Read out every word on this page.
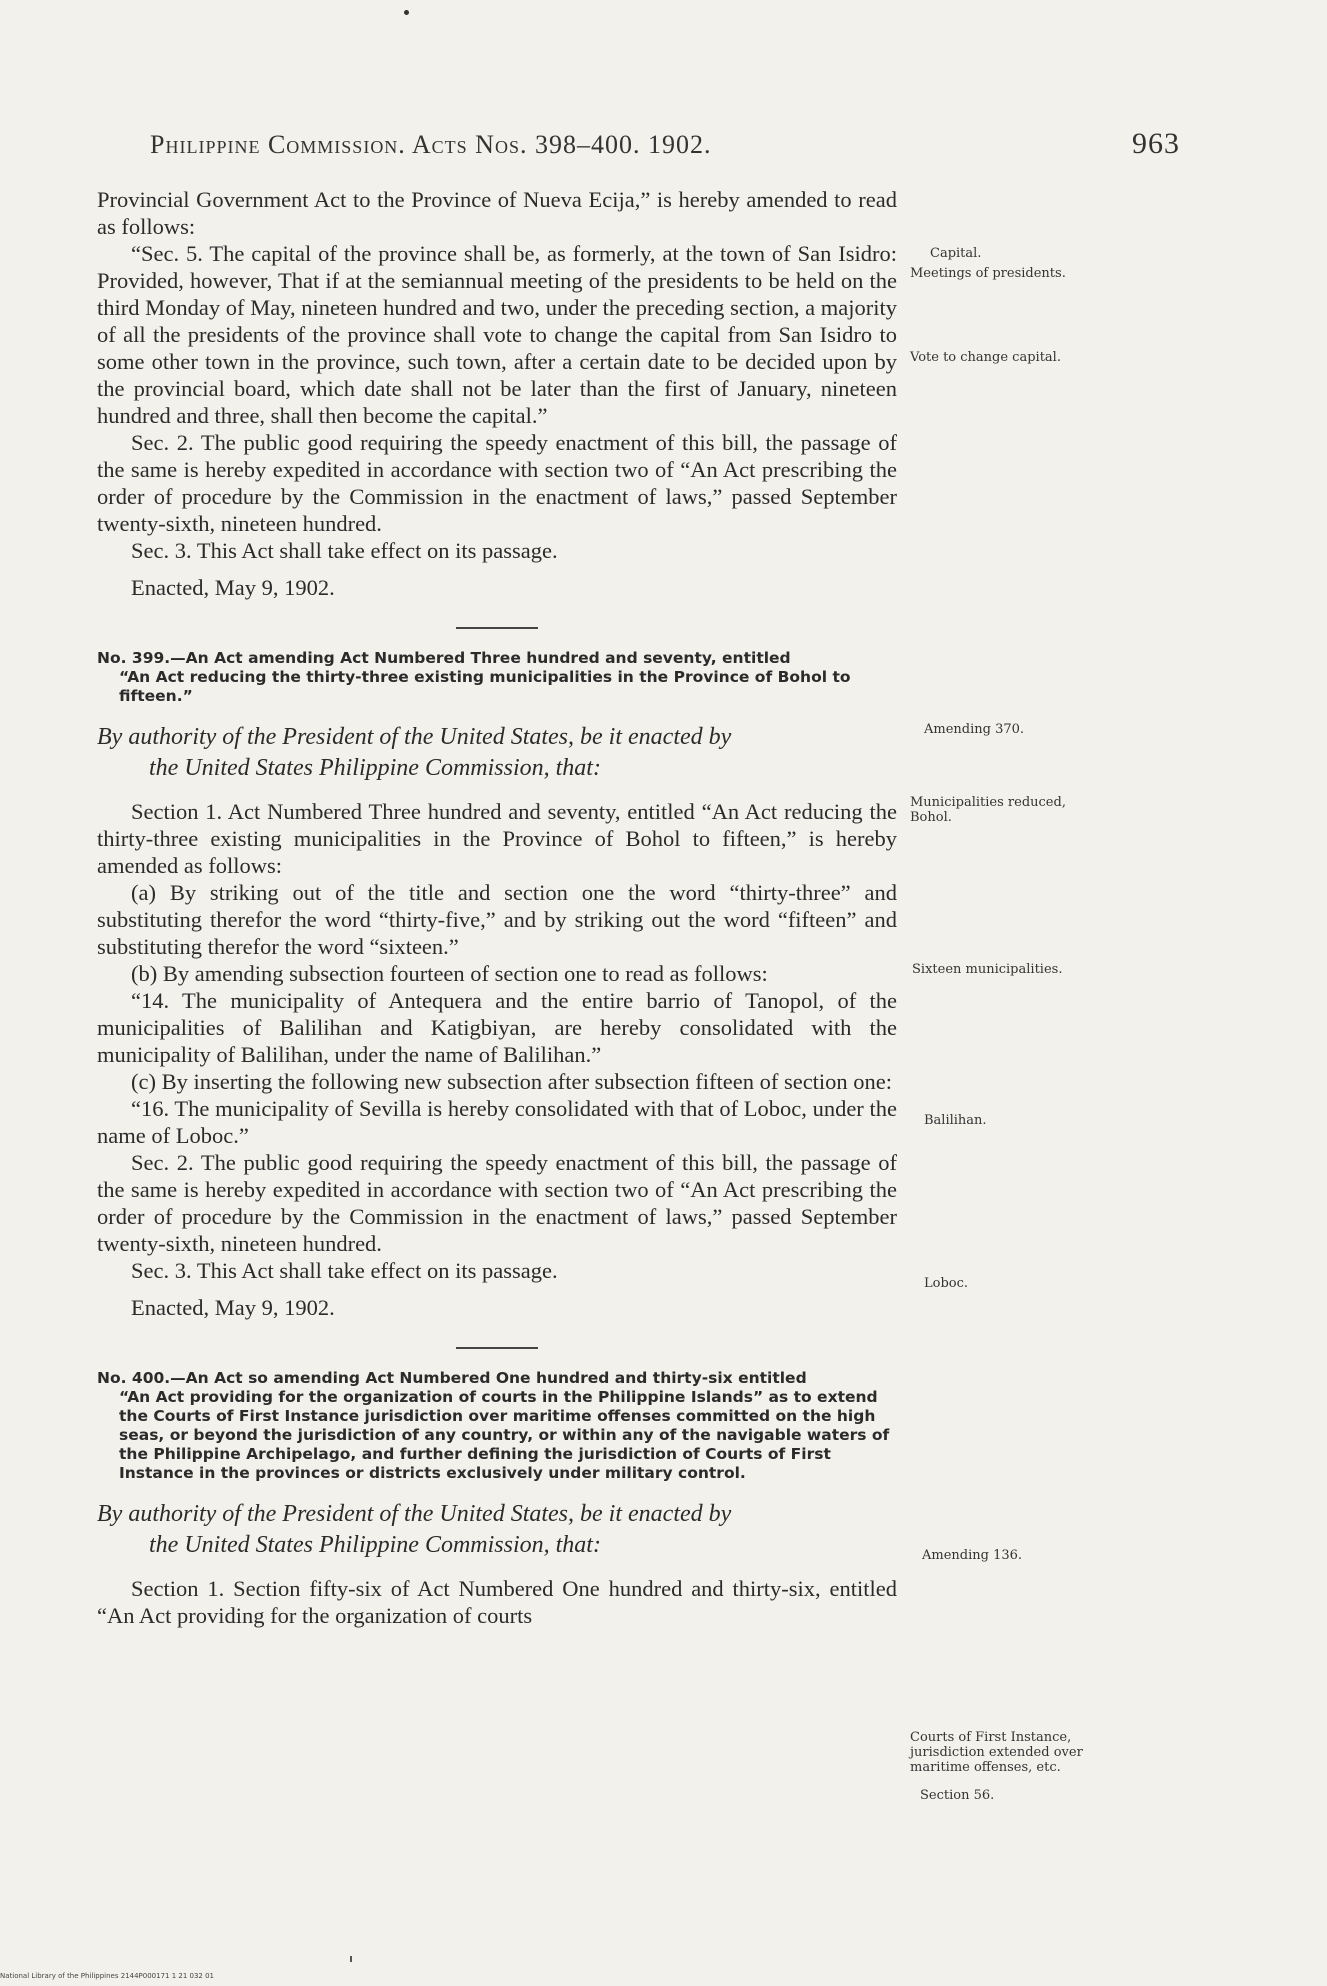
Philippine Commission. Acts Nos. 398–400. 1902.	963

Provincial Government Act to the Province of Nueva Ecija,” is hereby amended to read as follows:

“Sec. 5. The capital of the province shall be, as formerly, at the town of San Isidro: Provided, however, That if at the semiannual meeting of the presidents to be held on the third Monday of May, nineteen hundred and two, under the preceding section, a majority of all the presidents of the province shall vote to change the capital from San Isidro to some other town in the province, such town, after a certain date to be decided upon by the provincial board, which date shall not be later than the first of January, nineteen hundred and three, shall then become the capital.”

Sec. 2. The public good requiring the speedy enactment of this bill, the passage of the same is hereby expedited in accordance with section two of “An Act prescribing the order of procedure by the Commission in the enactment of laws,” passed September twenty-sixth, nineteen hundred.

Sec. 3. This Act shall take effect on its passage.

Enacted, May 9, 1902.

No. 399.—An Act amending Act Numbered Three hundred and seventy, entitled
“An Act reducing the thirty-three existing municipalities in the Province of Bohol to fifteen.”

By authority of the President of the United States, be it enacted by
the United States Philippine Commission, that:

Section 1. Act Numbered Three hundred and seventy, entitled “An Act reducing the thirty-three existing municipalities in the Province of Bohol to fifteen,” is hereby amended as follows:

(a) By striking out of the title and section one the word “thirty-three” and substituting therefor the word “thirty-five,” and by striking out the word “fifteen” and substituting therefor the word “sixteen.”

(b) By amending subsection fourteen of section one to read as follows:

“14. The municipality of Antequera and the entire barrio of Tanopol, of the municipalities of Balilihan and Katigbiyan, are hereby consolidated with the municipality of Balilihan, under the name of Balilihan.”

(c) By inserting the following new subsection after subsection fifteen of section one:

“16. The municipality of Sevilla is hereby consolidated with that of Loboc, under the name of Loboc.”

Sec. 2. The public good requiring the speedy enactment of this bill, the passage of the same is hereby expedited in accordance with section two of “An Act prescribing the order of procedure by the Commission in the enactment of laws,” passed September twenty-sixth, nineteen hundred.

Sec. 3. This Act shall take effect on its passage.

Enacted, May 9, 1902.

No. 400.—An Act so amending Act Numbered One hundred and thirty-six entitled
“An Act providing for the organization of courts in the Philippine Islands” as to extend the Courts of First Instance jurisdiction over maritime offenses committed on the high seas, or beyond the jurisdiction of any country, or within any of the navigable waters of the Philippine Archipelago, and further defining the jurisdiction of Courts of First Instance in the provinces or districts exclusively under military control.

By authority of the President of the United States, be it enacted by
the United States Philippine Commission, that:

Section 1. Section fifty-six of Act Numbered One hundred and thirty-six, entitled “An Act providing for the organization of courts

Capital.
Meetings of presidents.
Vote to change capital.
Amending 370.
Municipalities reduced, Bohol.
Sixteen municipalities.
Balilihan.
Loboc.
Amending 136.
Courts of First Instance, jurisdiction extended over maritime offenses, etc.
Section 56.
National Library of the Philippines 2144P000171 1 21 032 01
